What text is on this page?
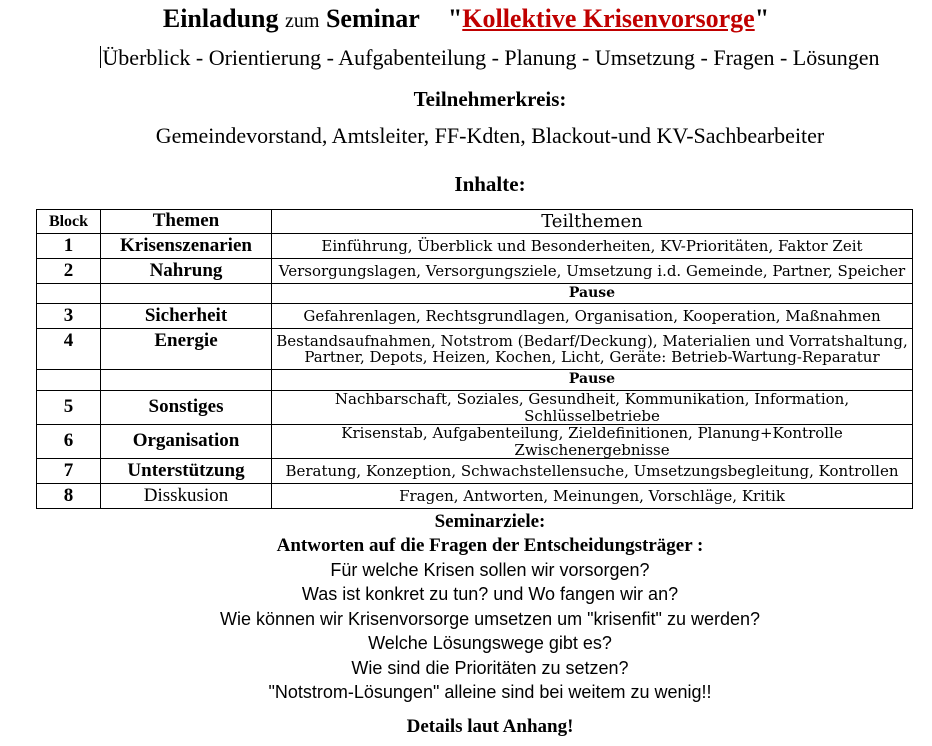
Einladung zum Seminar "Kollektive Krisenvorsorge"
Überblick - Orientierung - Aufgabenteilung - Planung - Umsetzung - Fragen - Lösungen
Teilnehmerkreis:
Gemeindevorstand, Amtsleiter, FF-Kdten, Blackout-und KV-Sachbearbeiter
Inhalte:
Block	Themen	Teilthemen
1	Krisenszenarien	Einführung, Überblick und Besonderheiten, KV-Prioritäten, Faktor Zeit
2	Nahrung	Versorgungslagen, Versorgungsziele, Umsetzung i.d. Gemeinde, Partner, Speicher
		Pause
3	Sicherheit	Gefahrenlagen, Rechtsgrundlagen, Organisation, Kooperation, Maßnahmen
4	Energie	Bestandsaufnahmen, Notstrom (Bedarf/Deckung), Materialien und Vorratshaltung,
Partner, Depots, Heizen, Kochen, Licht, Geräte: Betrieb-Wartung-Reparatur

		Pause
5	Sonstiges	Nachbarschaft, Soziales, Gesundheit, Kommunikation, Information, Schlüsselbetriebe
6	Organisation	Krisenstab, Aufgabenteilung, Zieldefinitionen, Planung+Kontrolle Zwischenergebnisse
7	Unterstützung	Beratung, Konzeption, Schwachstellensuche, Umsetzungsbegleitung, Kontrollen
8	Disskusion	Fragen, Antworten, Meinungen, Vorschläge, Kritik
Seminarziele:
Antworten auf die Fragen der Entscheidungsträger :
Für welche Krisen sollen wir vorsorgen?
Was ist konkret zu tun? und Wo fangen wir an?
Wie können wir Krisenvorsorge umsetzen um "krisenfit" zu werden?
Welche Lösungswege gibt es?
Wie sind die Prioritäten zu setzen?
"Notstrom-Lösungen" alleine sind bei weitem zu wenig!!
Details laut Anhang!
